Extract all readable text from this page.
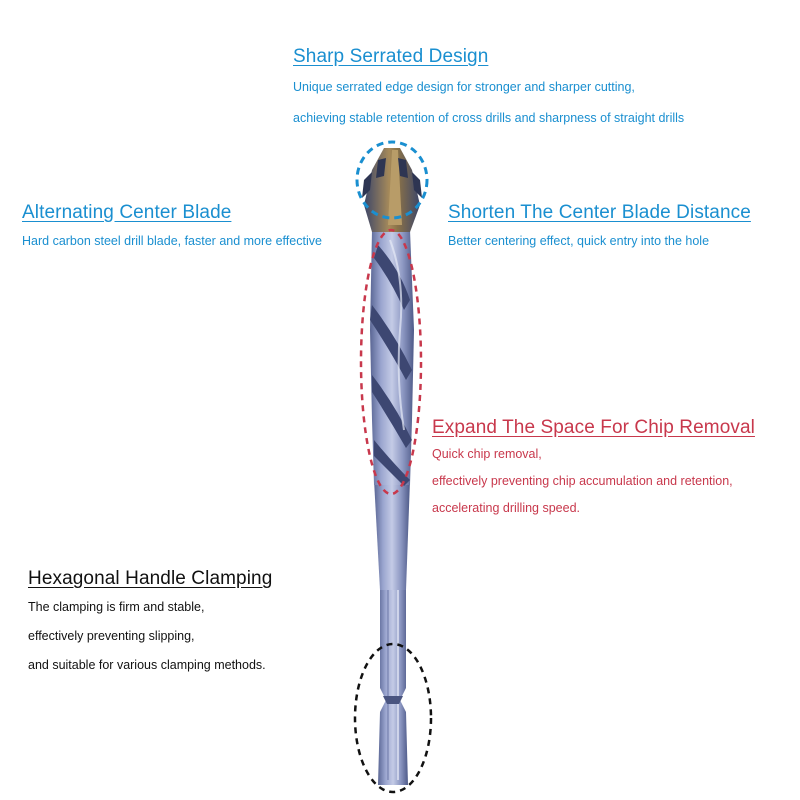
Sharp Serrated Design

Unique serrated edge design for stronger and sharper cutting,

achieving stable retention of cross drills and sharpness of straight drills

Alternating Center Blade

Hard carbon steel drill blade, faster and more effective

Shorten The Center Blade Distance

Better centering effect, quick entry into the hole

Expand The Space For Chip Removal

Quick chip removal,

effectively preventing chip accumulation and retention,

accelerating drilling speed.

Hexagonal Handle Clamping

The clamping is firm and stable,

effectively preventing slipping,

and suitable for various clamping methods.
